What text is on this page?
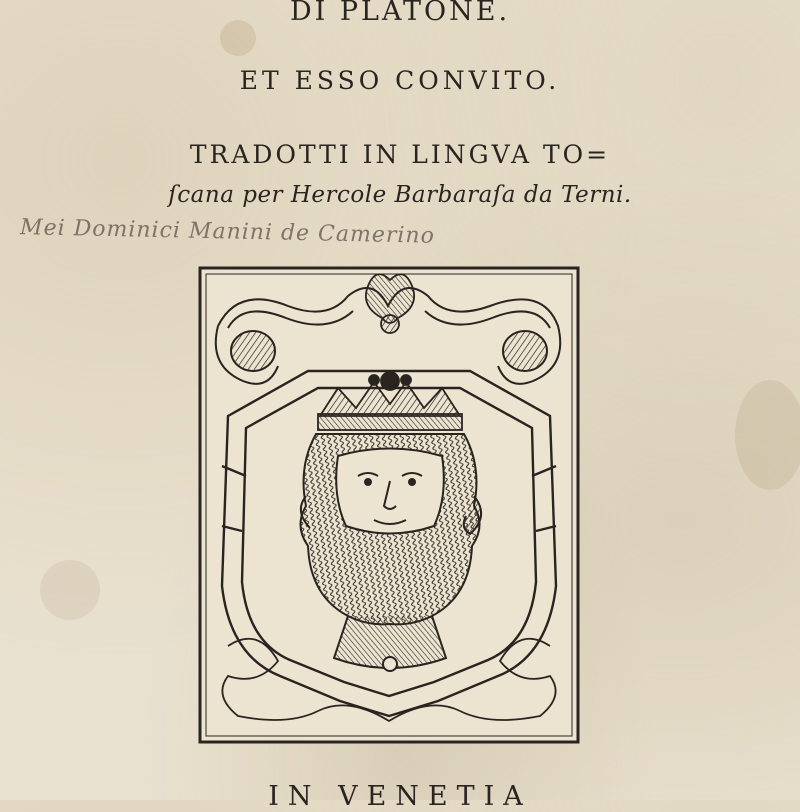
DI PLATONE.
ET ESSO CONVITO.
TRADOTTI IN LINGVA TO=
ſcana per Hercole Barbaraſa da Terni.
Mei Dominici Manini de Camerino
IN VENETIA
